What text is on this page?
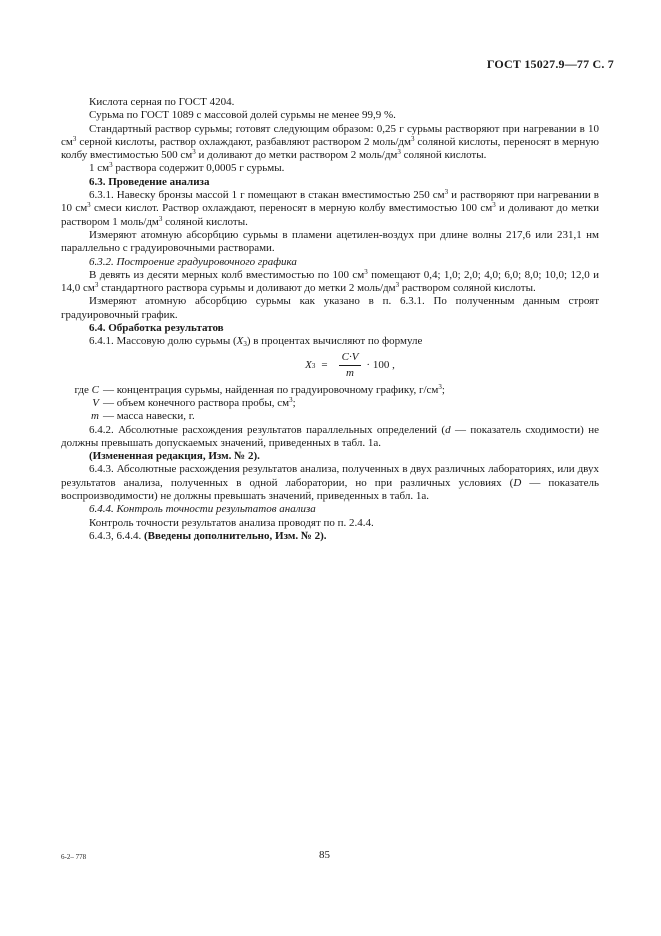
ГОСТ 15027.9—77 С. 7

Кислота серная по ГОСТ 4204.

Сурьма по ГОСТ 1089 с массовой долей сурьмы не менее 99,9 %.

Стандартный раствор сурьмы; готовят следующим образом: 0,25 г сурьмы растворяют при нагревании в 10 $см^3$ серной кислоты, раствор охлаждают, разбавляют раствором 2 моль/$дм^3$ соляной кислоты, переносят в мерную колбу вместимостью 500 $см^3$ и доливают до метки раствором 2 моль/$дм^3$ соляной кислоты.

1 $см^3$ раствора содержит 0,0005 г сурьмы.

6.3. Проведение анализа

6.3.1. Навеску бронзы массой 1 г помещают в стакан вместимостью 250 $см^3$ и растворяют при нагревании в 10 $см^3$ смеси кислот. Раствор охлаждают, переносят в мерную колбу вместимостью 100 $см^3$ и доливают до метки раствором 1 моль/$дм^3$ соляной кислоты.

Измеряют атомную абсорбцию сурьмы в пламени ацетилен-воздух при длине волны 217,6 или 231,1 нм параллельно с градуировочными растворами.

6.3.2. Построение градуировочного графика

В девять из десяти мерных колб вместимостью по 100 $см^3$ помещают 0,4; 1,0; 2,0; 4,0; 6,0; 8,0; 10,0; 12,0 и 14,0 $см^3$ стандартного раствора сурьмы и доливают до метки 2 моль/$дм^3$ раствором соляной кислоты.

Измеряют атомную абсорбцию сурьмы как указано в п. 6.3.1. По полученным данным строят градуировочный график.

6.4. Обработка результатов

6.4.1. Массовую долю сурьмы $(X_3)$ в процентах вычисляют по формуле

X $3 = \frac{C\cdot V}{m} \cdot 100$ ,
где C — концентрация сурьмы, найденная по градуировочному графику, $г/см^3$;
V — объем конечного раствора пробы, $см^3$;
m — масса навески, г.

6.4.2. Абсолютные расхождения результатов параллельных определений (d — показатель сходимости) не должны превышать допускаемых значений, приведенных в табл. 1а.

(Измененная редакция, Изм. № 2).

6.4.3. Абсолютные расхождения результатов анализа, полученных в двух различных лабораториях, или двух результатов анализа, полученных в одной лаборатории, но при различных условиях (D — показатель воспроизводимости) не должны превышать значений, приведенных в табл. 1а.

6.4.4. Контроль точности результатов анализа

Контроль точности результатов анализа проводят по п. 2.4.4.

6.4.3, 6.4.4. (Введены дополнительно, Изм. № 2).

6-2– 778	85
